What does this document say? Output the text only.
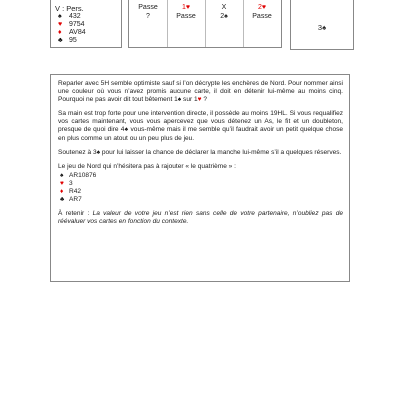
V : Pers.
♠ 432
♥ 9754
♦ AV84
♣ 95
Passe	1♥	X	2♥
?	Passe	2♠	Passe
3♠

Reparler avec 5H semble optimiste sauf si l’on décrypte les enchères de Nord. Pour nommer ainsi une couleur où vous n’avez promis aucune carte, il doit en détenir lui-même au moins cinq. Pourquoi ne pas avoir dit tout bêtement 1♠ sur 1♥ ?

Sa main est trop forte pour une intervention directe, il possède au moins 19HL. Si vous requalifiez vos cartes maintenant, vous vous apercevez que vous détenez un As, le fit et un doubleton, presque de quoi dire 4♠ vous-même mais il me semble qu’il faudrait avoir un petit quelque chose en plus comme un atout ou un peu plus de jeu.

Soutenez à 3♠ pour lui laisser la chance de déclarer la manche lui-même s’il a quelques réserves.

Le jeu de Nord qui n’hésitera pas à rajouter « le quatrième » :

♠ AR10876
♥ 3
♦ R42
♣ AR7

À retenir : La valeur de votre jeu n’est rien sans celle de votre partenaire, n’oubliez pas de réévaluer vos cartes en fonction du contexte.
